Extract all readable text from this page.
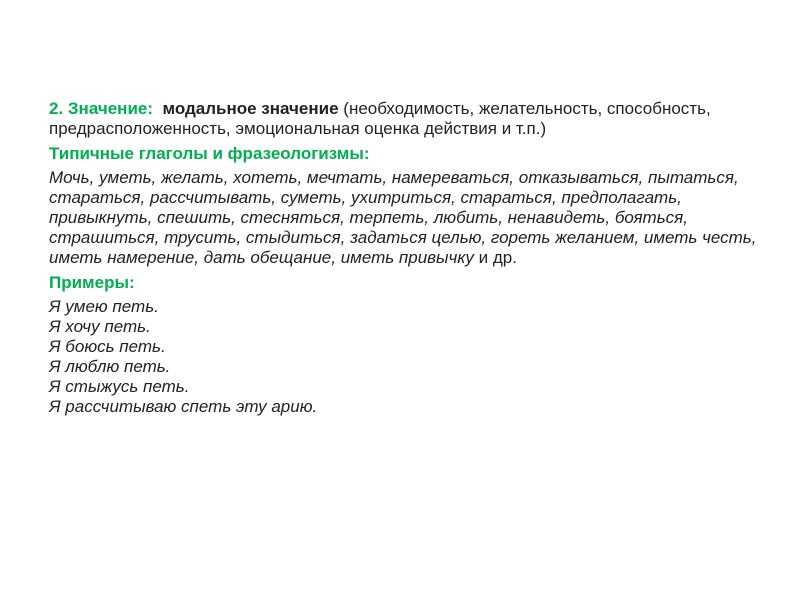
2. Значение: модальное значение (необходимость, желательность, способность, предрасположенность, эмоциональная оценка действия и т.п.)

Типичные глаголы и фразеологизмы:

Мочь, уметь, желать, хотеть, мечтать, намереваться, отказываться, пытаться, стараться, рассчитывать, суметь, ухитриться, стараться, предполагать, привыкнуть, спешить, стесняться, терпеть, любить, ненавидеть, бояться, страшиться, трусить, стыдиться, задаться целью, гореть желанием, иметь честь, иметь намерение, дать обещание, иметь привычку и др.

Примеры:

Я умею петь.
Я хочу петь.
Я боюсь петь.
Я люблю петь.
Я стыжусь петь.
Я рассчитываю спеть эту арию.
